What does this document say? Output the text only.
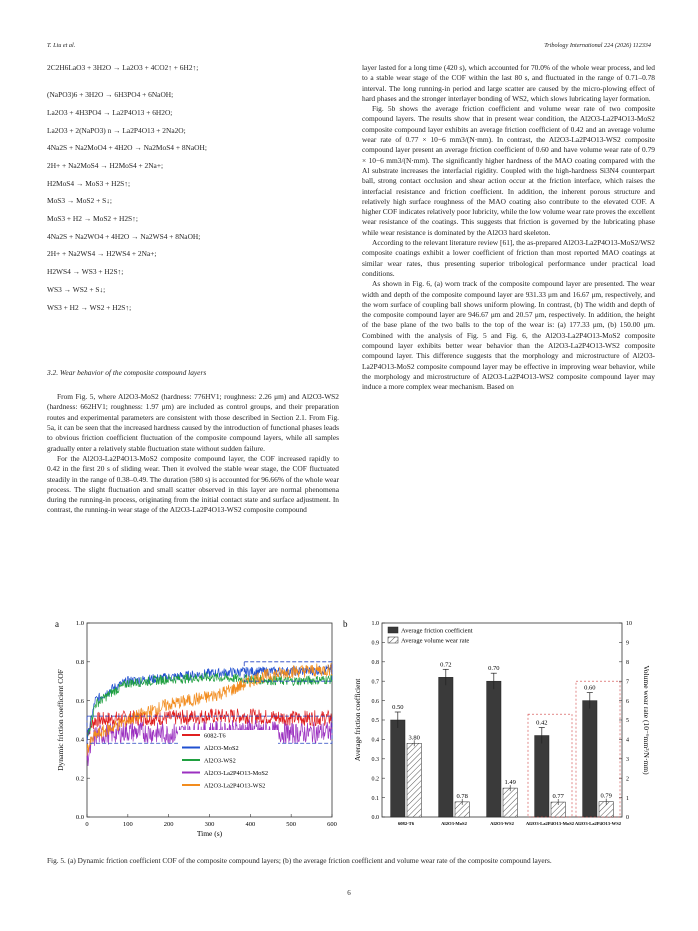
T. Liu et al.	Tribology International 224 (2026) 112334
2C2H6LaO3 + 3H2O → La2O3 + 4CO2↑ + 6H2↑;
(NaPO3)6 + 3H2O → 6H3PO4 + 6NaOH;
La2O3 + 4H3PO4 → La2P4O13 + 6H2O;
La2O3 + 2(NaPO3) n → La2P4O13 + 2Na2O;
4Na2S + Na2MoO4 + 4H2O → Na2MoS4 + 8NaOH;
2H+ + Na2MoS4 → H2MoS4 + 2Na+;
H2MoS4 → MoS3 + H2S↑;
MoS3 → MoS2 + S↓;
MoS3 + H2 → MoS2 + H2S↑;
4Na2S + Na2WO4 + 4H2O → Na2WS4 + 8NaOH;
2H+ + Na2WS4 → H2WS4 + 2Na+;
H2WS4 → WS3 + H2S↑;
WS3 → WS2 + S↓;
WS3 + H2 → WS2 + H2S↑;
3.2. Wear behavior of the composite compound layers

From Fig. 5, where Al2O3-MoS2 (hardness: 776HV1; roughness: 2.26 μm) and Al2O3-WS2 (hardness: 662HV1; roughness: 1.97 μm) are included as control groups, and their preparation routes and experimental parameters are consistent with those described in Section 2.1. From Fig. 5a, it can be seen that the increased hardness caused by the introduction of functional phases leads to obvious friction coefficient fluctuation of the composite compound layers, while all samples gradually enter a relatively stable fluctuation state without sudden failure.

For the Al2O3-La2P4O13-MoS2 composite compound layer, the COF increased rapidly to 0.42 in the first 20 s of sliding wear. Then it evolved the stable wear stage, the COF fluctuated steadily in the range of 0.38–0.49. The duration (580 s) is accounted for 96.66% of the whole wear process. The slight fluctuation and small scatter observed in this layer are normal phenomena during the running-in process, originating from the initial contact state and surface adjustment. In contrast, the running-in wear stage of the Al2O3-La2P4O13-WS2 composite compound

layer lasted for a long time (420 s), which accounted for 70.0% of the whole wear process, and led to a stable wear stage of the COF within the last 80 s, and fluctuated in the range of 0.71–0.78 interval. The long running-in period and large scatter are caused by the micro-plowing effect of hard phases and the stronger interlayer bonding of WS2, which slows lubricating layer formation.

Fig. 5b shows the average friction coefficient and volume wear rate of two composite compound layers. The results show that in present wear condition, the Al2O3-La2P4O13-MoS2 composite compound layer exhibits an average friction coefficient of 0.42 and an average volume wear rate of 0.77 × 10−6 mm3/(N·mm). In contrast, the Al2O3-La2P4O13-WS2 composite compound layer present an average friction coefficient of 0.60 and have volume wear rate of 0.79 × 10−6 mm3/(N·mm). The significantly higher hardness of the MAO coating compared with the Al substrate increases the interfacial rigidity. Coupled with the high-hardness Si3N4 counterpart ball, strong contact occlusion and shear action occur at the friction interface, which raises the interfacial resistance and friction coefficient. In addition, the inherent porous structure and relatively high surface roughness of the MAO coating also contribute to the elevated COF. A higher COF indicates relatively poor lubricity, while the low volume wear rate proves the excellent wear resistance of the coatings. This suggests that friction is governed by the lubricating phase while wear resistance is dominated by the Al2O3 hard skeleton.

According to the relevant literature review [61], the as-prepared Al2O3-La2P4O13-MoS2/WS2 composite coatings exhibit a lower coefficient of friction than most reported MAO coatings at similar wear rates, thus presenting superior tribological performance under practical load conditions.

As shown in Fig. 6, (a) worn track of the composite compound layer are presented. The wear width and depth of the composite compound layer are 931.33 μm and 16.67 μm, respectively, and the worn surface of coupling ball shows uniform plowing. In contrast, (b) The width and depth of the composite compound layer are 946.67 μm and 20.57 μm, respectively. In addition, the height of the base plane of the two balls to the top of the wear is: (a) 177.33 μm, (b) 150.00 μm. Combined with the analysis of Fig. 5 and Fig. 6, the Al2O3-La2P4O13-MoS2 composite compound layer exhibits better wear behavior than the Al2O3-La2P4O13-WS2 composite compound layer. This difference suggests that the morphology and microstructure of Al2O3-La2P4O13-MoS2 composite compound layer may be effective in improving wear behavior, while the morphology and microstructure of Al2O3-La2P4O13-WS2 composite compound layer may induce a more complex wear mechanism. Based on

a	b
0	100	200	300	400	500	600
0.0
0.2
0.4
0.6
0.8
1.0
Time (s)
Dynamic friction coefficient COF	6082-T6
Al2O3-MoS2
Al2O3-WS2
Al2O3-La2P4O13-MoS2
Al2O3-La2P4O13-WS2
0.0
0.1
0.2
0.3
0.4
0.5
0.6
0.7
0.8
0.9
1.0
0
1
2
3
4
5
6
7
8
9
10
Average friction coefficient	Volume wear rate (10⁻⁶mm³/N·mm)
0.50
3.80
6082-T6
0.72
0.78
Al2O3-MoS2
0.70
1.49
Al2O3-WS2
0.42
0.77
Al2O3-La2P4O13-MoS2
0.60
0.79
Al2O3-La2P4O13-WS2
Average friction coefficient
Average volume wear rate
Fig. 5. (a) Dynamic friction coefficient COF of the composite compound layers; (b) the average friction coefficient and volume wear rate of the composite compound layers.
6
